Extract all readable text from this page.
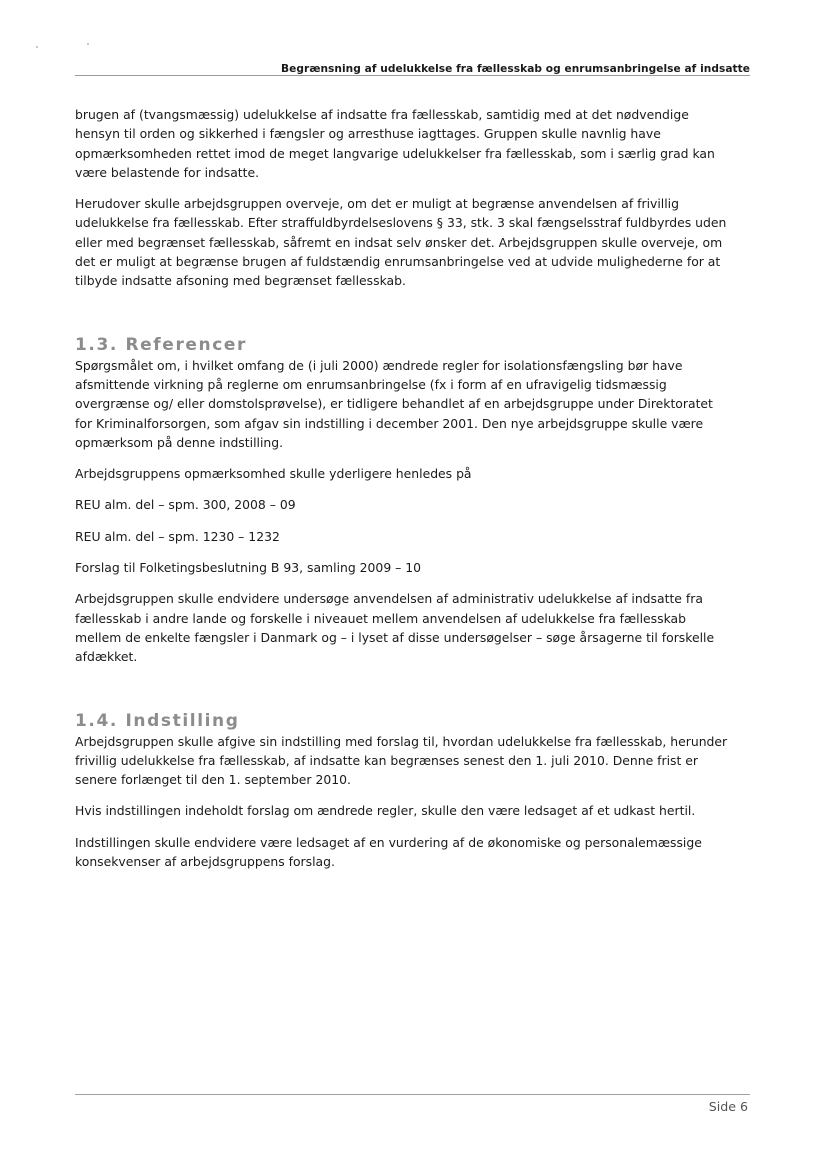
Begrænsning af udelukkelse fra fællesskab og enrumsanbringelse af indsatte

brugen af (tvangsmæssig) udelukkelse af indsatte fra fællesskab, samtidig med at det nødvendige
hensyn til orden og sikkerhed i fængsler og arresthuse iagttages. Gruppen skulle navnlig have
opmærksomheden rettet imod de meget langvarige udelukkelser fra fællesskab, som i særlig grad kan
være belastende for indsatte.

Herudover skulle arbejdsgruppen overveje, om det er muligt at begrænse anvendelsen af frivillig
udelukkelse fra fællesskab. Efter straffuldbyrdelseslovens § 33, stk. 3 skal fængselsstraf fuldbyrdes uden
eller med begrænset fællesskab, såfremt en indsat selv ønsker det. Arbejdsgruppen skulle overveje, om
det er muligt at begrænse brugen af fuldstændig enrumsanbringelse ved at udvide mulighederne for at
tilbyde indsatte afsoning med begrænset fællesskab.

1.3. Referencer

Spørgsmålet om, i hvilket omfang de (i juli 2000) ændrede regler for isolationsfængsling bør have
afsmittende virkning på reglerne om enrumsanbringelse (fx i form af en ufravigelig tidsmæssig
overgrænse og/ eller domstolsprøvelse), er tidligere behandlet af en arbejdsgruppe under Direktoratet
for Kriminalforsorgen, som afgav sin indstilling i december 2001. Den nye arbejdsgruppe skulle være
opmærksom på denne indstilling.

Arbejdsgruppens opmærksomhed skulle yderligere henledes på

REU alm. del – spm. 300, 2008 – 09

REU alm. del – spm. 1230 – 1232

Forslag til Folketingsbeslutning B 93, samling 2009 – 10

Arbejdsgruppen skulle endvidere undersøge anvendelsen af administrativ udelukkelse af indsatte fra
fællesskab i andre lande og forskelle i niveauet mellem anvendelsen af udelukkelse fra fællesskab
mellem de enkelte fængsler i Danmark og – i lyset af disse undersøgelser – søge årsagerne til forskelle
afdækket.

1.4. Indstilling

Arbejdsgruppen skulle afgive sin indstilling med forslag til, hvordan udelukkelse fra fællesskab, herunder
frivillig udelukkelse fra fællesskab, af indsatte kan begrænses senest den 1. juli 2010. Denne frist er
senere forlænget til den 1. september 2010.

Hvis indstillingen indeholdt forslag om ændrede regler, skulle den være ledsaget af et udkast hertil.

Indstillingen skulle endvidere være ledsaget af en vurdering af de økonomiske og personalemæssige
konsekvenser af arbejdsgruppens forslag.

Side 6
